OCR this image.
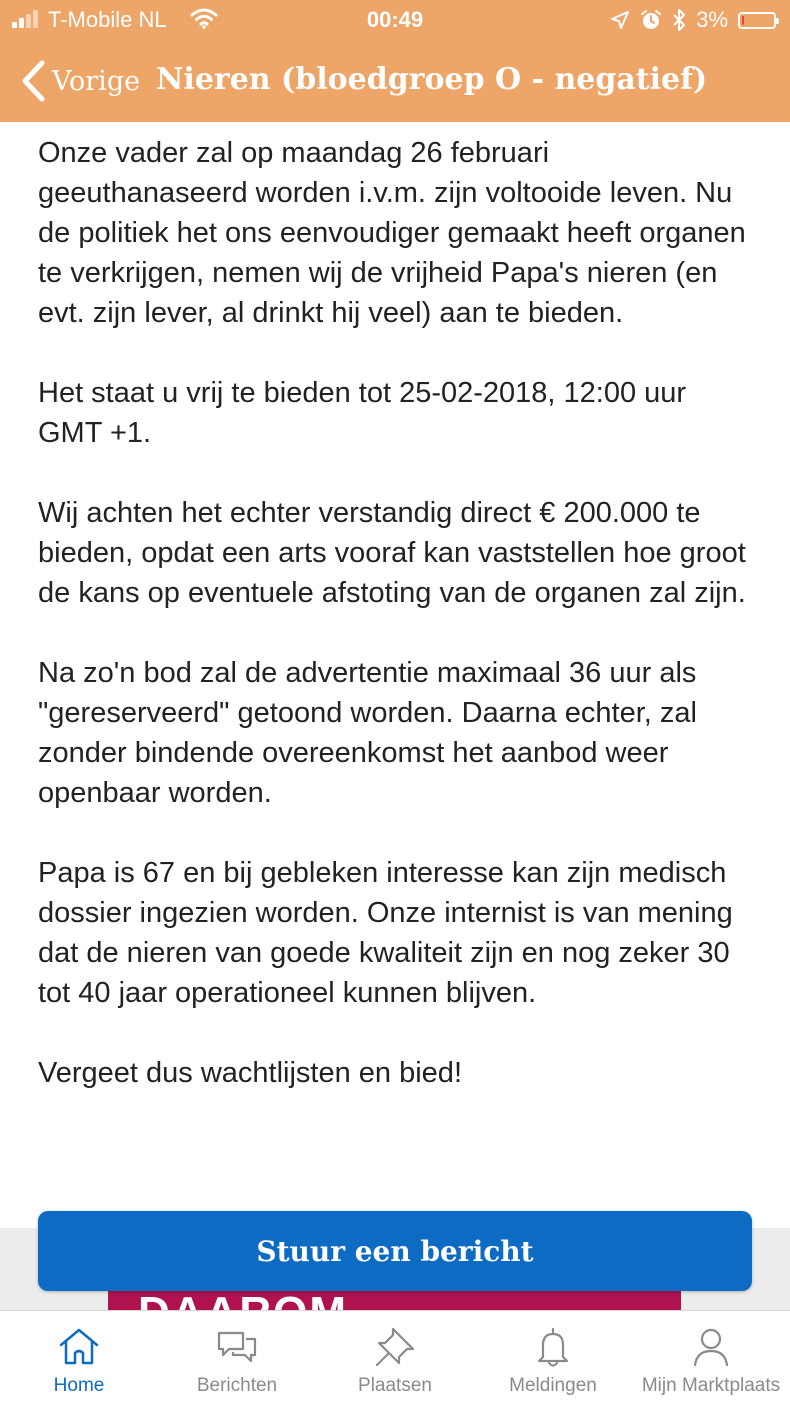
T-Mobile NL	00:49	3%
Vorige Nieren (bloedgroep O - negatief)

Onze vader zal op maandag 26 februari geeuthanaseerd worden i.v.m. zijn voltooide leven. Nu de politiek het ons eenvoudiger gemaakt heeft organen te verkrijgen, nemen wij de vrijheid Papa's nieren (en evt. zijn lever, al drinkt hij veel) aan te bieden.

Het staat u vrij te bieden tot 25-02-2018, 12:00 uur GMT +1.

Wij achten het echter verstandig direct € 200.000 te bieden, opdat een arts vooraf kan vaststellen hoe groot de kans op eventuele afstoting van de organen zal zijn.

Na zo'n bod zal de advertentie maximaal 36 uur als "gereserveerd" getoond worden. Daarna echter, zal zonder bindende overeenkomst het aanbod weer openbaar worden.

Papa is 67 en bij gebleken interesse kan zijn medisch dossier ingezien worden. Onze internist is van mening dat de nieren van goede kwaliteit zijn en nog zeker 30 tot 40 jaar operationeel kunnen blijven.

Vergeet dus wachtlijsten en bied!

Stuur een bericht
Home	Berichten	Plaatsen	Meldingen	Mijn Marktplaats
